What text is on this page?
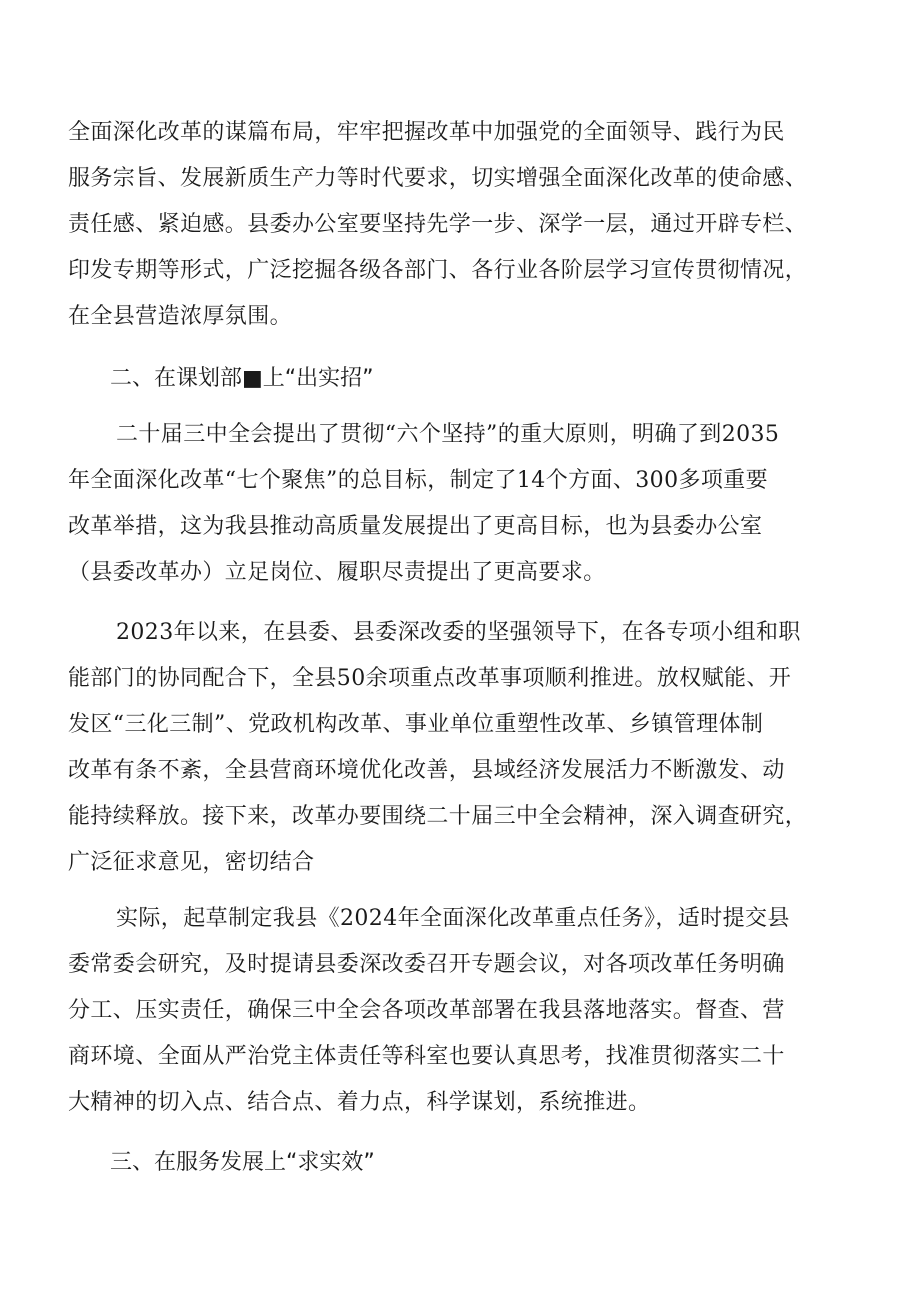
全面深化改革的谋篇布局，牢牢把握改革中加强党的全面领导、践行为民
服务宗旨、发展新质生产力等时代要求，切实增强全面深化改革的使命感、
责任感、紧迫感。县委办公室要坚持先学一步、深学一层，通过开辟专栏、
印发专期等形式，广泛挖掘各级各部门、各行业各阶层学习宣传贯彻情况，
在全县营造浓厚氛围。
二、在课划部■上“出实招”
二十届三中全会提出了贯彻“六个坚持”的重大原则，明确了到2035
年全面深化改革“七个聚焦”的总目标，制定了14个方面、300多项重要
改革举措，这为我县推动高质量发展提出了更高目标，也为县委办公室
（县委改革办）立足岗位、履职尽责提出了更高要求。
2023年以来，在县委、县委深改委的坚强领导下，在各专项小组和职
能部门的协同配合下，全县50余项重点改革事项顺利推进。放权赋能、开
发区“三化三制”、党政机构改革、事业单位重塑性改革、乡镇管理体制
改革有条不紊，全县营商环境优化改善，县域经济发展活力不断激发、动
能持续释放。接下来，改革办要围绕二十届三中全会精神，深入调查研究，
广泛征求意见，密切结合
实际，起草制定我县《2024年全面深化改革重点任务》，适时提交县
委常委会研究，及时提请县委深改委召开专题会议，对各项改革任务明确
分工、压实责任，确保三中全会各项改革部署在我县落地落实。督查、营
商环境、全面从严治党主体责任等科室也要认真思考，找准贯彻落实二十
大精神的切入点、结合点、着力点，科学谋划，系统推进。
三、在服务发展上“求实效”
